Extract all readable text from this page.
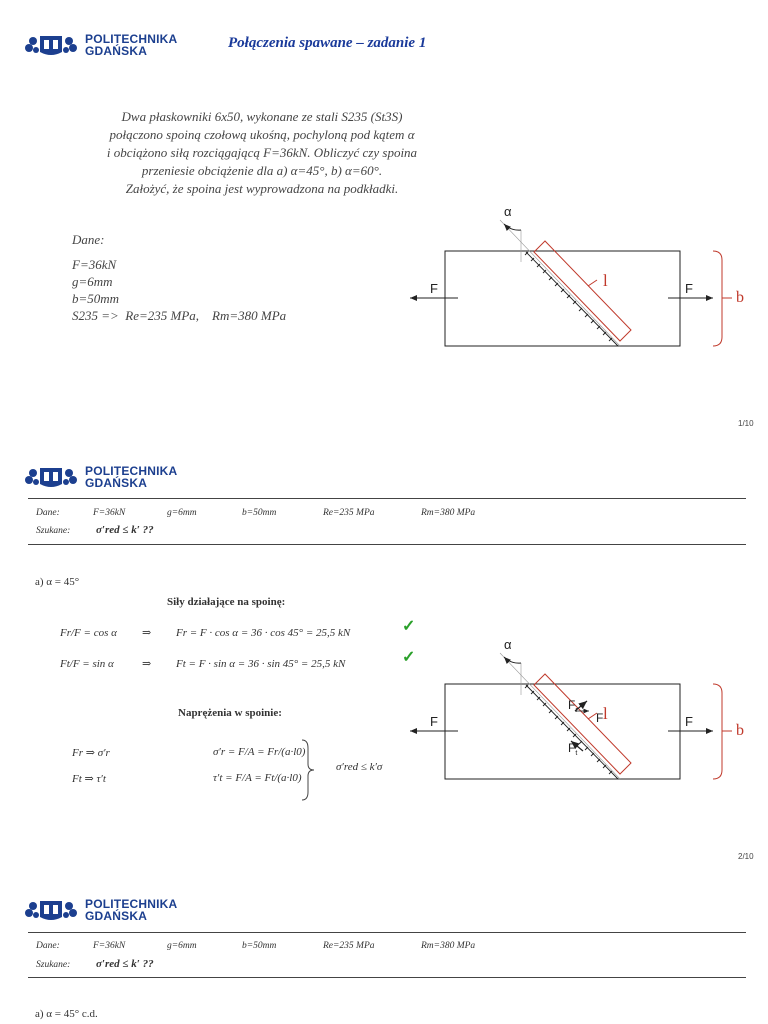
POLITECHNIKA
GDAŃSKA	Połączenia spawane – zadanie 1
Dwa płaskowniki 6x50, wykonane ze stali S235 (St3S)
połączono spoiną czołową ukośną, pochyloną pod kątem α
i obciążono siłą rozciągającą F=36kN. Obliczyć czy spoina
przeniesie obciążenie dla a) α=45°, b) α=60°.
Założyć, że spoina jest wyprowadzona na podkładki.
Dane:
F=36kN
g=6mm
b=50mm
S235 =>  Re=235 MPa,    Rm=380 MPa
α
l
F	F
b
1/10
POLITECHNIKA
GDAŃSKA
Dane:	F=36kN	g=6mm	b=50mm	Re=235 MPa	Rm=380 MPa
Szukane: σ′red ≤ k′ ??
a) α = 45°
Siły działające na spoinę:
Fr/F = cos α ⇒ Fr = F · cos α = 36 · cos 45° = 25,5 kN	✓
Ft/F = sin α	⇒ Ft = F · sin α = 36 · sin 45° = 25,5 kN	✓
Naprężenia w spoinie:
Fr ⇒ σ′r
Ft ⇒ τ′t
σ′r = F/A = Fr/(a·l0)
τ′t = F/A = Ft/(a·l0)
σ′red ≤ k′σ
α
l
$F_r$
F
$F_t$
F	F
b
2/10
POLITECHNIKA
GDAŃSKA
Dane:	F=36kN	g=6mm	b=50mm	Re=235 MPa	Rm=380 MPa
Szukane: σ′red ≤ k′ ??
a) α = 45° c.d.
